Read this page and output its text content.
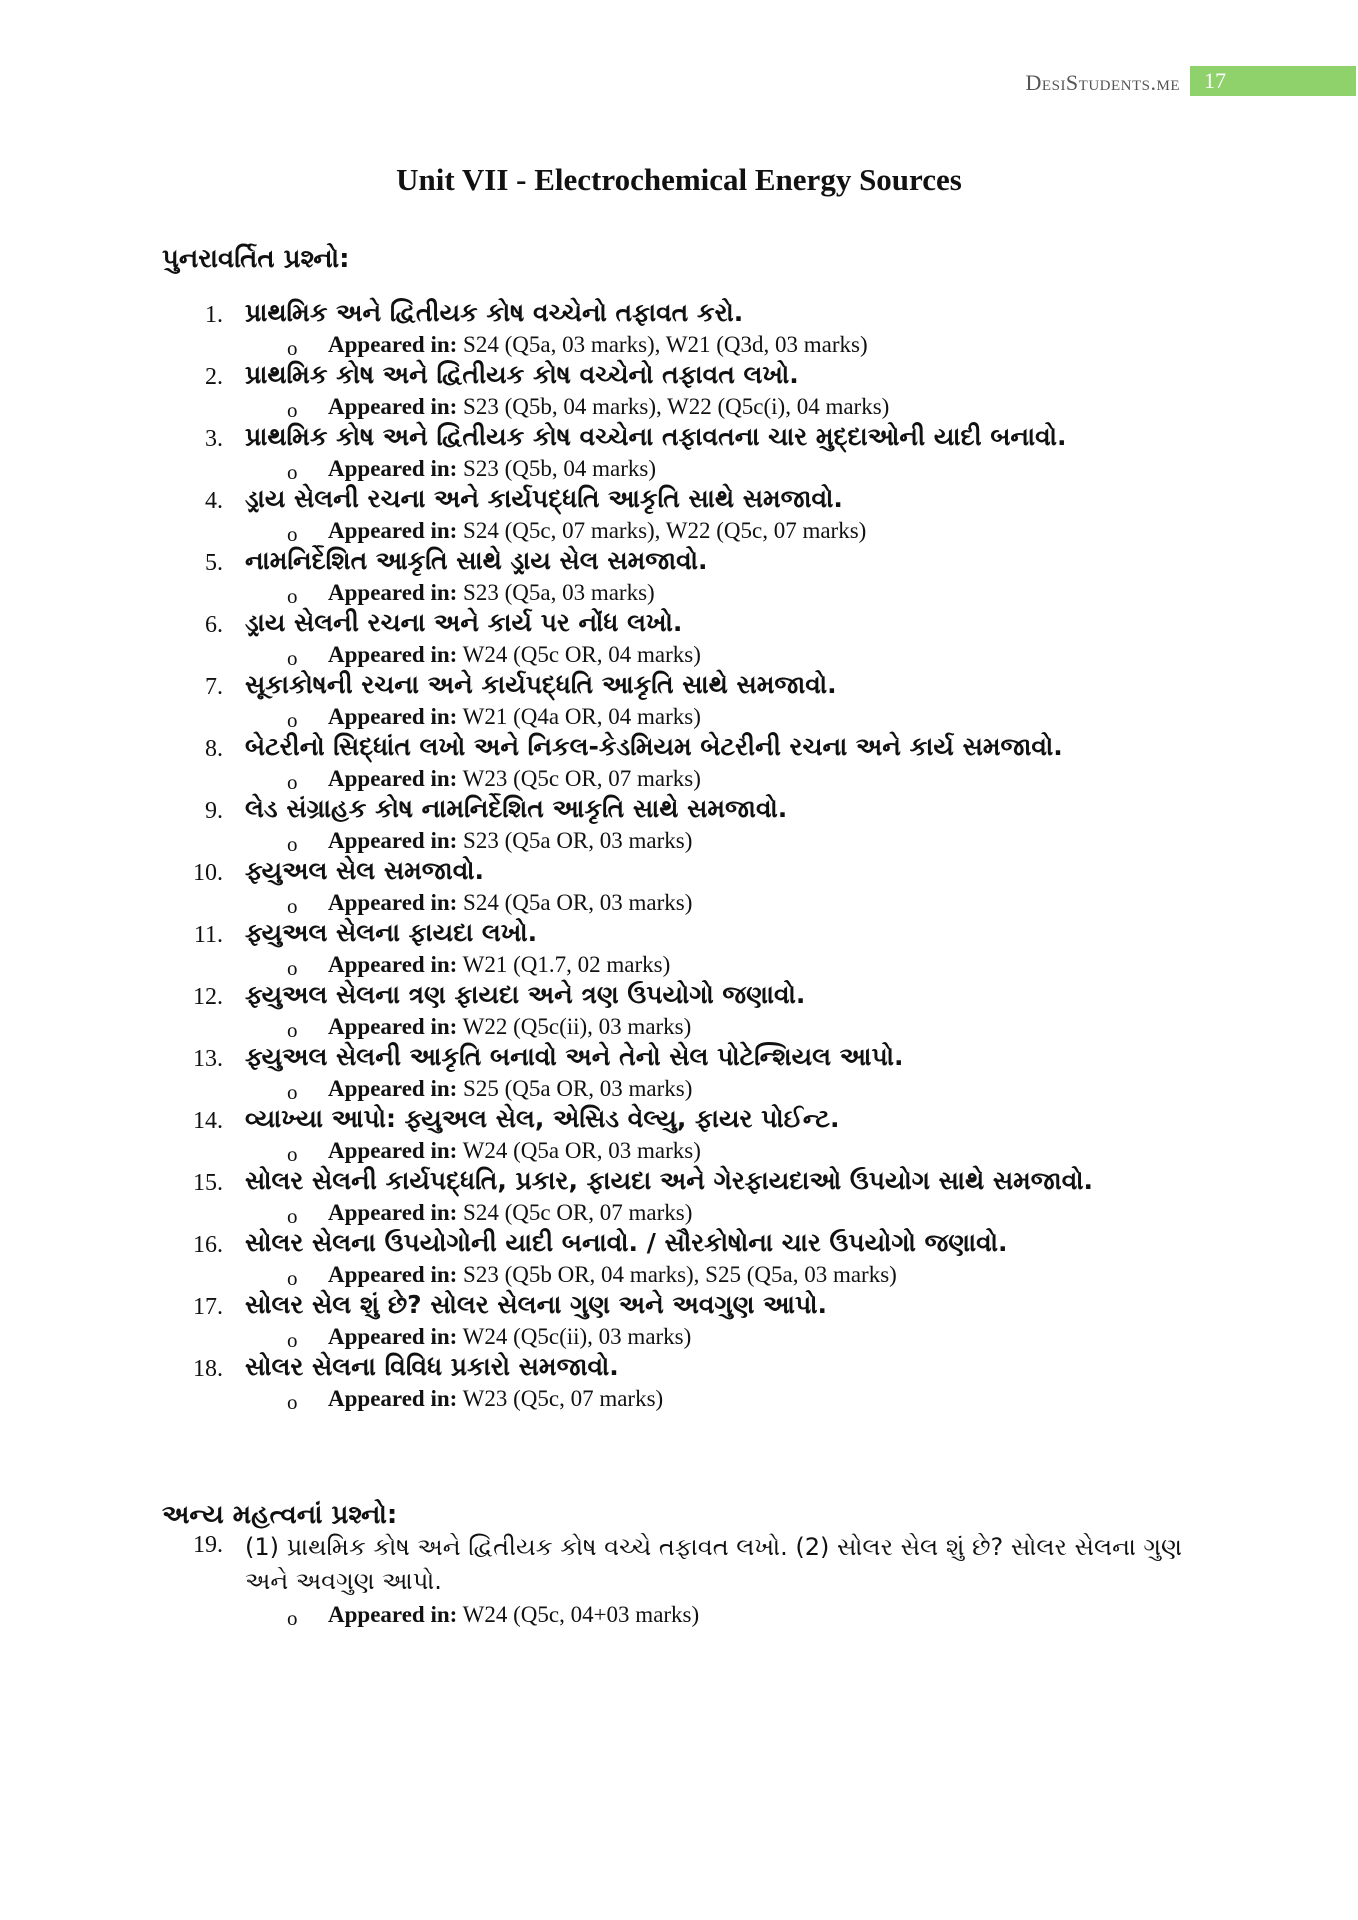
DesiStudents.me	17
Unit VII - Electrochemical Energy Sources
પુનરાવર્તિત પ્રશ્નો:
1. પ્રાથમિક અને દ્વિતીયક કોષ વચ્ચેનો તફાવત કરો.
o Appeared in: S24 (Q5a, 03 marks), W21 (Q3d, 03 marks)
2. પ્રાથમિક કોષ અને દ્વિતીયક કોષ વચ્ચેનો તફાવત લખો.
o Appeared in: S23 (Q5b, 04 marks), W22 (Q5c(i), 04 marks)
3. પ્રાથમિક કોષ અને દ્વિતીયક કોષ વચ્ચેના તફાવતના ચાર મુદ્દાઓની યાદી બનાવો.
o Appeared in: S23 (Q5b, 04 marks)
4. ડ્રાય સેલની રચના અને કાર્યપદ્ધતિ આકૃતિ સાથે સમજાવો.
o Appeared in: S24 (Q5c, 07 marks), W22 (Q5c, 07 marks)
5. નામનિર્દેશિત આકૃતિ સાથે ડ્રાય સેલ સમજાવો.
o Appeared in: S23 (Q5a, 03 marks)
6. ડ્રાય સેલની રચના અને કાર્ય પર નોંધ લખો.
o Appeared in: W24 (Q5c OR, 04 marks)
7. સૂકાકોષની રચના અને કાર્યપદ્ધતિ આકૃતિ સાથે સમજાવો.
o Appeared in: W21 (Q4a OR, 04 marks)
8. બેટરીનો સિદ્ધાંત લખો અને નિકલ-કેડમિયમ બેટરીની રચના અને કાર્ય સમજાવો.
o Appeared in: W23 (Q5c OR, 07 marks)
9. લેડ સંગ્રાહક કોષ નામનિર્દેશિત આકૃતિ સાથે સમજાવો.
o Appeared in: S23 (Q5a OR, 03 marks)
10. ફ્યુઅલ સેલ સમજાવો.
o Appeared in: S24 (Q5a OR, 03 marks)
11. ફ્યુઅલ સેલના ફાયદા લખો.
o Appeared in: W21 (Q1.7, 02 marks)
12. ફ્યુઅલ સેલના ત્રણ ફાયદા અને ત્રણ ઉપયોગો જણાવો.
o Appeared in: W22 (Q5c(ii), 03 marks)
13. ફ્યુઅલ સેલની આકૃતિ બનાવો અને તેનો સેલ પોટેન્શિયલ આપો.
o Appeared in: S25 (Q5a OR, 03 marks)
14. વ્યાખ્યા આપો: ફ્યુઅલ સેલ, એસિડ વેલ્યુ, ફાયર પોઈન્ટ.
o Appeared in: W24 (Q5a OR, 03 marks)
15. સોલર સેલની કાર્યપદ્ધતિ, પ્રકાર, ફાયદા અને ગેરફાયદાઓ ઉપયોગ સાથે સમજાવો.
o Appeared in: S24 (Q5c OR, 07 marks)
16. સોલર સેલના ઉપયોગોની યાદી બનાવો. / સૌરકોષોના ચાર ઉપયોગો જણાવો.
o Appeared in: S23 (Q5b OR, 04 marks), S25 (Q5a, 03 marks)
17. સોલર સેલ શું છે? સોલર સેલના ગુણ અને અવગુણ આપો.
o Appeared in: W24 (Q5c(ii), 03 marks)
18. સોલર સેલના વિવિધ પ્રકારો સમજાવો.
o Appeared in: W23 (Q5c, 07 marks)
અન્ય મહત્વનાં પ્રશ્નો:
19. (1) પ્રાથમિક કોષ અને દ્વિતીયક કોષ વચ્ચે તફાવત લખો. (2) સોલર સેલ શું છે? સોલર સેલના ગુણ અને અવગુણ આપો.
o Appeared in: W24 (Q5c, 04+03 marks)
